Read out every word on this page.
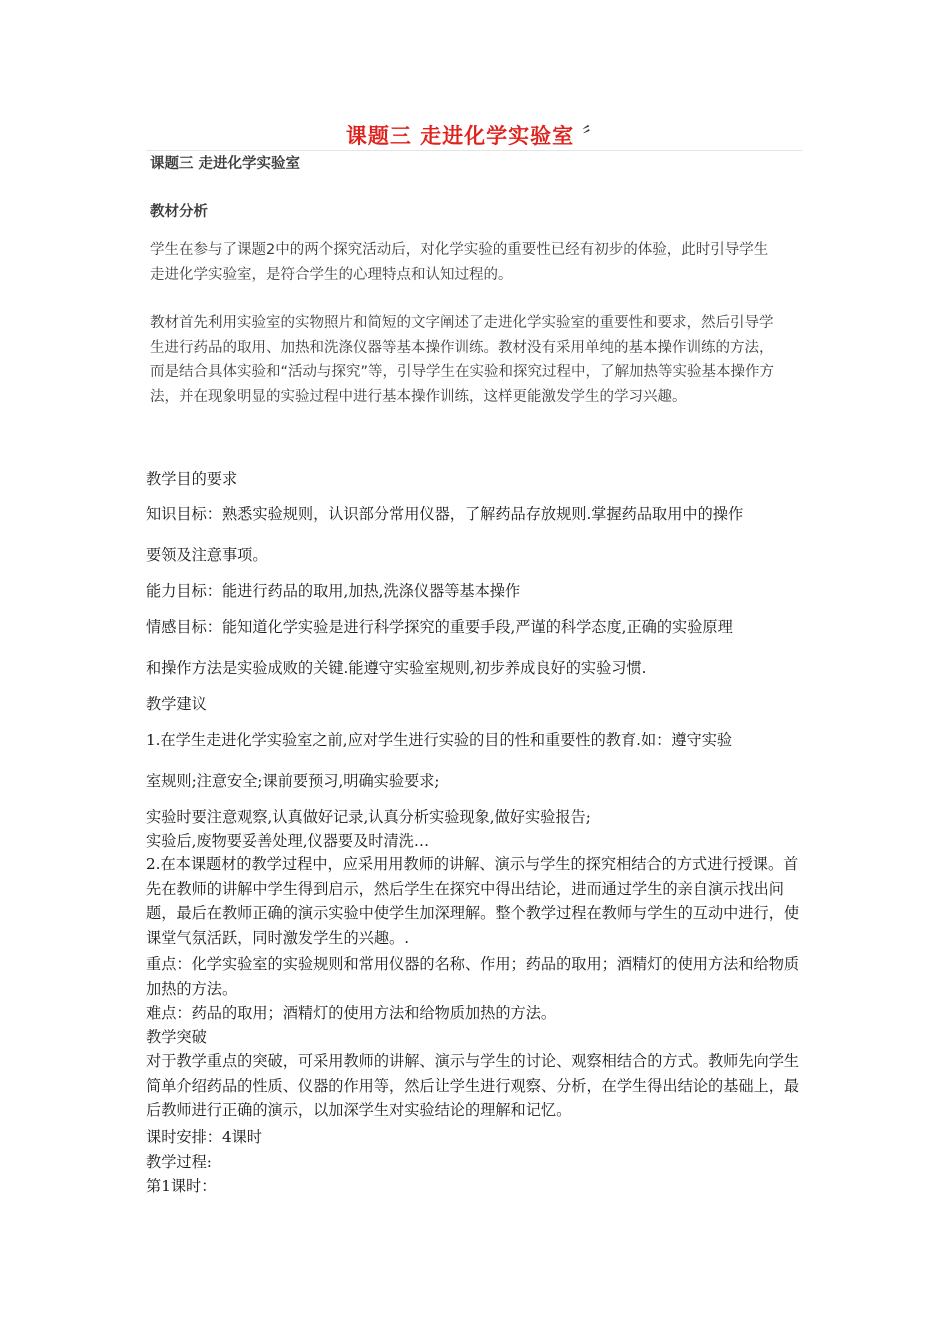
课题三 走进化学实验室 〞
课题三 走进化学实验室
教材分析
学生在参与了课题2中的两个探究活动后，对化学实验的重要性已经有初步的体验，此时引导学生走进化学实验室，是符合学生的心理特点和认知过程的。
教材首先利用实验室的实物照片和简短的文字阐述了走进化学实验室的重要性和要求，然后引导学生进行药品的取用、加热和洗涤仪器等基本操作训练。教材没有采用单纯的基本操作训练的方法，而是结合具体实验和“活动与探究”等，引导学生在实验和探究过程中，了解加热等实验基本操作方法，并在现象明显的实验过程中进行基本操作训练，这样更能激发学生的学习兴趣。
教学目的要求
知识目标：熟悉实验规则，认识部分常用仪器，了解药品存放规则.掌握药品取用中的操作
要领及注意事项。
能力目标：能进行药品的取用,加热,洗涤仪器等基本操作
情感目标：能知道化学实验是进行科学探究的重要手段,严谨的科学态度,正确的实验原理
和操作方法是实验成败的关键.能遵守实验室规则,初步养成良好的实验习惯.
教学建议
1.在学生走进化学实验室之前,应对学生进行实验的目的性和重要性的教育.如：遵守实验
室规则;注意安全;课前要预习,明确实验要求;
实验时要注意观察,认真做好记录,认真分析实验现象,做好实验报告;
实验后,废物要妥善处理,仪器要及时清洗…
2.在本课题材的教学过程中，应采用用教师的讲解、演示与学生的探究相结合的方式进行授课。首先在教师的讲解中学生得到启示，然后学生在探究中得出结论，进而通过学生的亲自演示找出问题，最后在教师正确的演示实验中使学生加深理解。整个教学过程在教师与学生的互动中进行，使课堂气氛活跃，同时激发学生的兴趣。.
重点：化学实验室的实验规则和常用仪器的名称、作用；药品的取用；酒精灯的使用方法和给物质加热的方法。
难点：药品的取用；酒精灯的使用方法和给物质加热的方法。
教学突破
对于教学重点的突破，可采用教师的讲解、演示与学生的讨论、观察相结合的方式。教师先向学生简单介绍药品的性质、仪器的作用等，然后让学生进行观察、分析，在学生得出结论的基础上，最后教师进行正确的演示，以加深学生对实验结论的理解和记忆。
课时安排：4课时
教学过程:
第1课时：
